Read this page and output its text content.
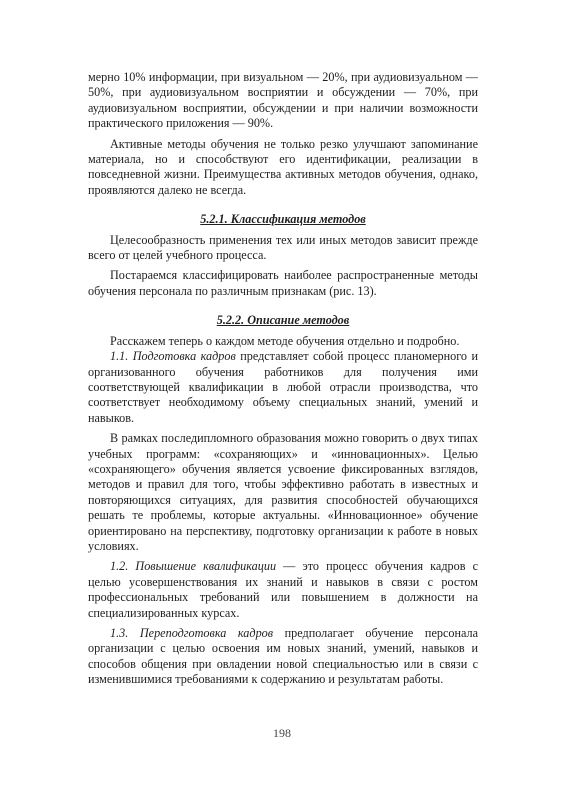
мерно 10% информации, при визуальном — 20%, при аудиовизуальном — 50%, при аудиовизуальном восприятии и обсуждении — 70%, при аудиовизуальном восприятии, обсуждении и при наличии возможности практического приложения — 90%.

Активные методы обучения не только резко улучшают запоминание материала, но и способствуют его идентификации, реализации в повседневной жизни. Преимущества активных методов обучения, однако, проявляются далеко не всегда.

5.2.1. Классификация методов

Целесообразность применения тех или иных методов зависит прежде всего от целей учебного процесса.

Постараемся классифицировать наиболее распространенные методы обучения персонала по различным признакам (рис. 13).

5.2.2. Описание методов

Расскажем теперь о каждом методе обучения отдельно и подробно.

1.1. Подготовка кадров представляет собой процесс планомерного и организованного обучения работников для получения ими соответствующей квалификации в любой отрасли производства, что соответствует необходимому объему специальных знаний, умений и навыков.

В рамках последипломного образования можно говорить о двух типах учебных программ: «сохраняющих» и «инновационных». Целью «сохраняющего» обучения является усвоение фиксированных взглядов, методов и правил для того, чтобы эффективно работать в известных и повторяющихся ситуациях, для развития способностей обучающихся решать те проблемы, которые актуальны. «Инновационное» обучение ориентировано на перспективу, подготовку организации к работе в новых условиях.

1.2. Повышение квалификации — это процесс обучения кадров с целью усовершенствования их знаний и навыков в связи с ростом профессиональных требований или повышением в должности на специализированных курсах.

1.3. Переподготовка кадров предполагает обучение персонала организации с целью освоения им новых знаний, умений, навыков и способов общения при овладении новой специальностью или в связи с изменившимися требованиями к содержанию и результатам работы.

198
